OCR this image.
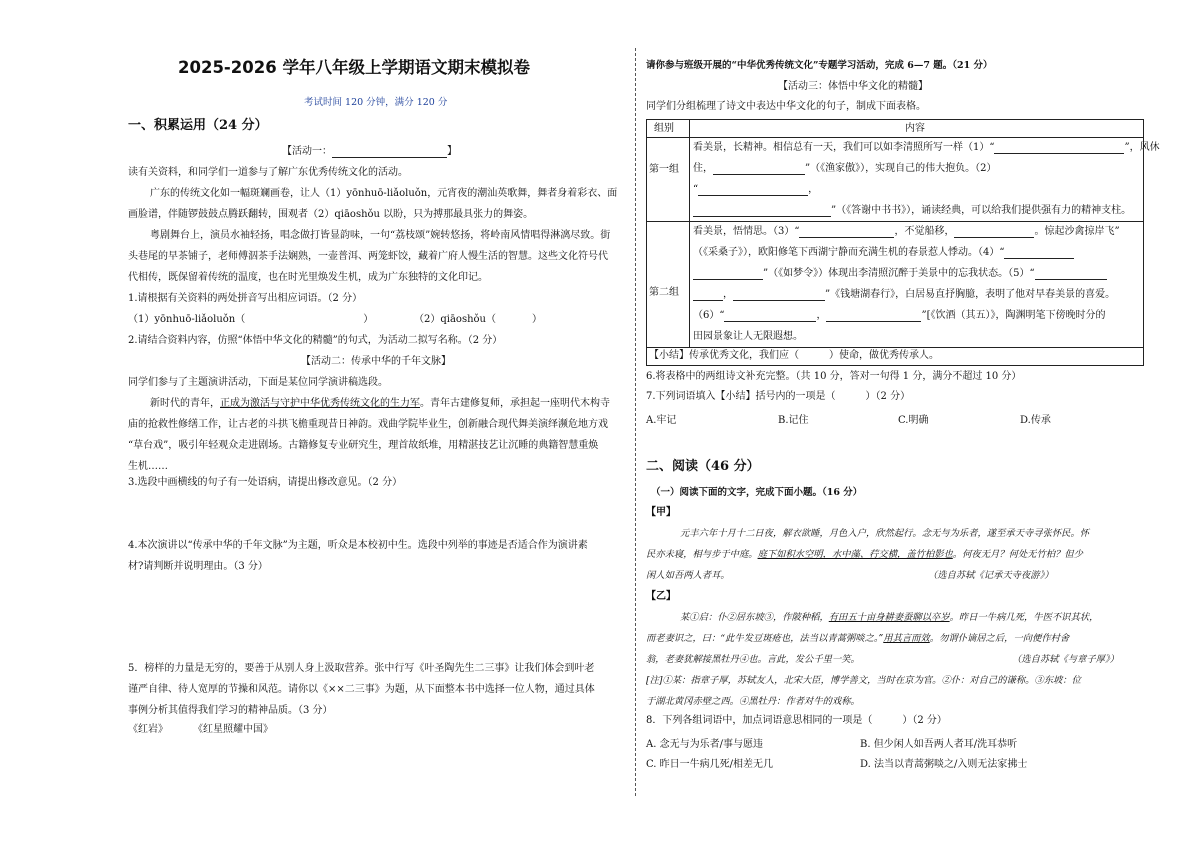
2025-2026 学年八年级上学期语文期末模拟卷
考试时间 120 分钟，满分 120 分
一、积累运用（24 分）
【活动一：	】
读有关资料，和同学们一道参与了解广东优秀传统文化的活动。
广东的传统文化如一幅斑斓画卷，让人（1）yōnhuō-liǎoluǒn，元宵夜的潮汕英歌舞，舞者身着彩衣、面
画脸谱，伴随锣鼓鼓点腾跃翻转，围观者（2）qiāoshǒu 以盼，只为搏那最具张力的舞姿。
粤剧舞台上，演员水袖轻扬，唱念做打皆显韵味，一句“荔枝颂”婉转悠扬，将岭南风情唱得淋漓尽致。街
头巷尾的早茶铺子，老师傅泅茶手法娴熟，一壶普洱、两笼虾饺，藏着广府人慢生活的智慧。这些文化符号代
代相传，既保留着传统的温度，也在时光里焕发生机，成为广东独特的文化印记。
1.请根据有关资料的两处拼音写出相应词语。（2 分）
（1）yōnhuō-liǎoluǒn（	）	（2）qiāoshǒu（	）
2.请结合资料内容，仿照“体悟中华文化的精髓”的句式，为活动二拟写名称。（2 分）
【活动二：传承中华的千年文脉】
同学们参与了主题演讲活动，下面是某位同学演讲稿选段。
新时代的青年，正成为激活与守护中华优秀传统文化的生力军。青年古建修复师，承担起一座明代木构寺
庙的抢救性修缮工作，让古老的斗拱飞檐重现昔日神韵。戏曲学院毕业生，创新融合现代舞美演绎濒危地方戏
“草台戏”，吸引年轻观众走进剧场。古籍修复专业研究生，理首故纸堆，用精湛技艺让沉睡的典籍智慧重焕
生机……
3.选段中画横线的句子有一处语病，请提出修改意见。（2 分）
4.本次演讲以“传承中华的千年文脉”为主题，听众是本校初中生。选段中列举的事迹是否适合作为演讲素
材?请判断并说明理由。（3 分）
5．榜样的力量是无穷的，要善于从别人身上汲取营养。张中行写《叶圣陶先生二三事》让我们体会到叶老
谨严自律、待人宽厚的节操和风范。请你以《××二三事》为题，从下面整本书中选择一位人物，通过具体
事例分析其值得我们学习的精神品质。（3 分）
《红岩》	《红星照耀中国》
请你参与班级开展的“中华优秀传统文化”专题学习活动，完成 6—7 题。（21 分）
【活动三：体悟中华文化的精髓】
同学们分组梳理了诗文中表达中华文化的句子，制成下面表格。
组别	内容
第一组
看美景，长精神。相信总有一天，我们可以如李清照所写一样（1）“	”，风休
住，	”（《渔家傲》），实现自己的伟大抱负。（2）
“	，
”（《答谢中书书》），诵读经典，可以给我们提供强有力的精神支柱。
第二组
看美景，悟情思。（3）“	，不觉船移，	。惊起沙禽掠岸飞”
（《采桑子》），欧阳修笔下西湖宁静而充满生机的春景惹人悸动。（4）“
”（《如梦令》）体现出李清照沉醉于美景中的忘我状态。（5）“
，	”《钱塘湖春行》，白居易直抒胸臆，表明了他对早春美景的喜爱。
（6）“	，	”[《饮酒（其五）》，陶渊明笔下傍晚时分的
田园景象让人无限遐想。
【小结】传承优秀文化，我们应（　　　）使命，做优秀传承人。
6.将表格中的两组诗文补充完整。（共 10 分，答对一句得 1 分，满分不超过 10 分）
7.下列词语填入【小结】括号内的一项是（　　　）（2 分）
A.牢记	B.记住	C.明确	D.传承
二、阅读（46 分）
（一）阅读下面的文字，完成下面小题。（16 分）
【甲】
元丰六年十月十二日夜，解衣欲睡，月色入户，欣然起行。念无与为乐者，遂至承天寺寻张怀民。怀
民亦未寝，相与步于中庭。庭下如积水空明，水中藻、荇交横，盖竹柏影也。何夜无月？何处无竹柏？但少
闲人如吾两人者耳。	（选自苏轼《记承天寺夜游》）
【乙】
某①启：仆②居东坡③，作陂种稻，有田五十亩身耕妻蚕聊以卒岁。昨日一牛病几死，牛医不识其状，
而老妻识之，曰：“此牛发豆斑疮也，法当以青蒿粥啖之。”用其言而效。勿谓仆谪居之后，一向便作村舍
翁，老妻犹解接黑牡丹④也。言此，发公千里一笑。	（选自苏轼《与章子厚》）
[注]①某：指章子厚，苏轼友人，北宋大臣，博学善文，当时在京为官。②仆：对自己的谦称。③东坡：位
于湖北黄冈赤壁之西。④黑牡丹：作者对牛的戏称。
8．下列各组词语中，加点词语意思相同的一项是（　　　）（2 分）
A. 念无与为乐者/事与愿违	B. 但少闲人如吾两人者耳/洗耳恭听
C. 昨日一牛病几死/相差无几	D. 法当以青蒿粥啖之/入则无法家拂士
